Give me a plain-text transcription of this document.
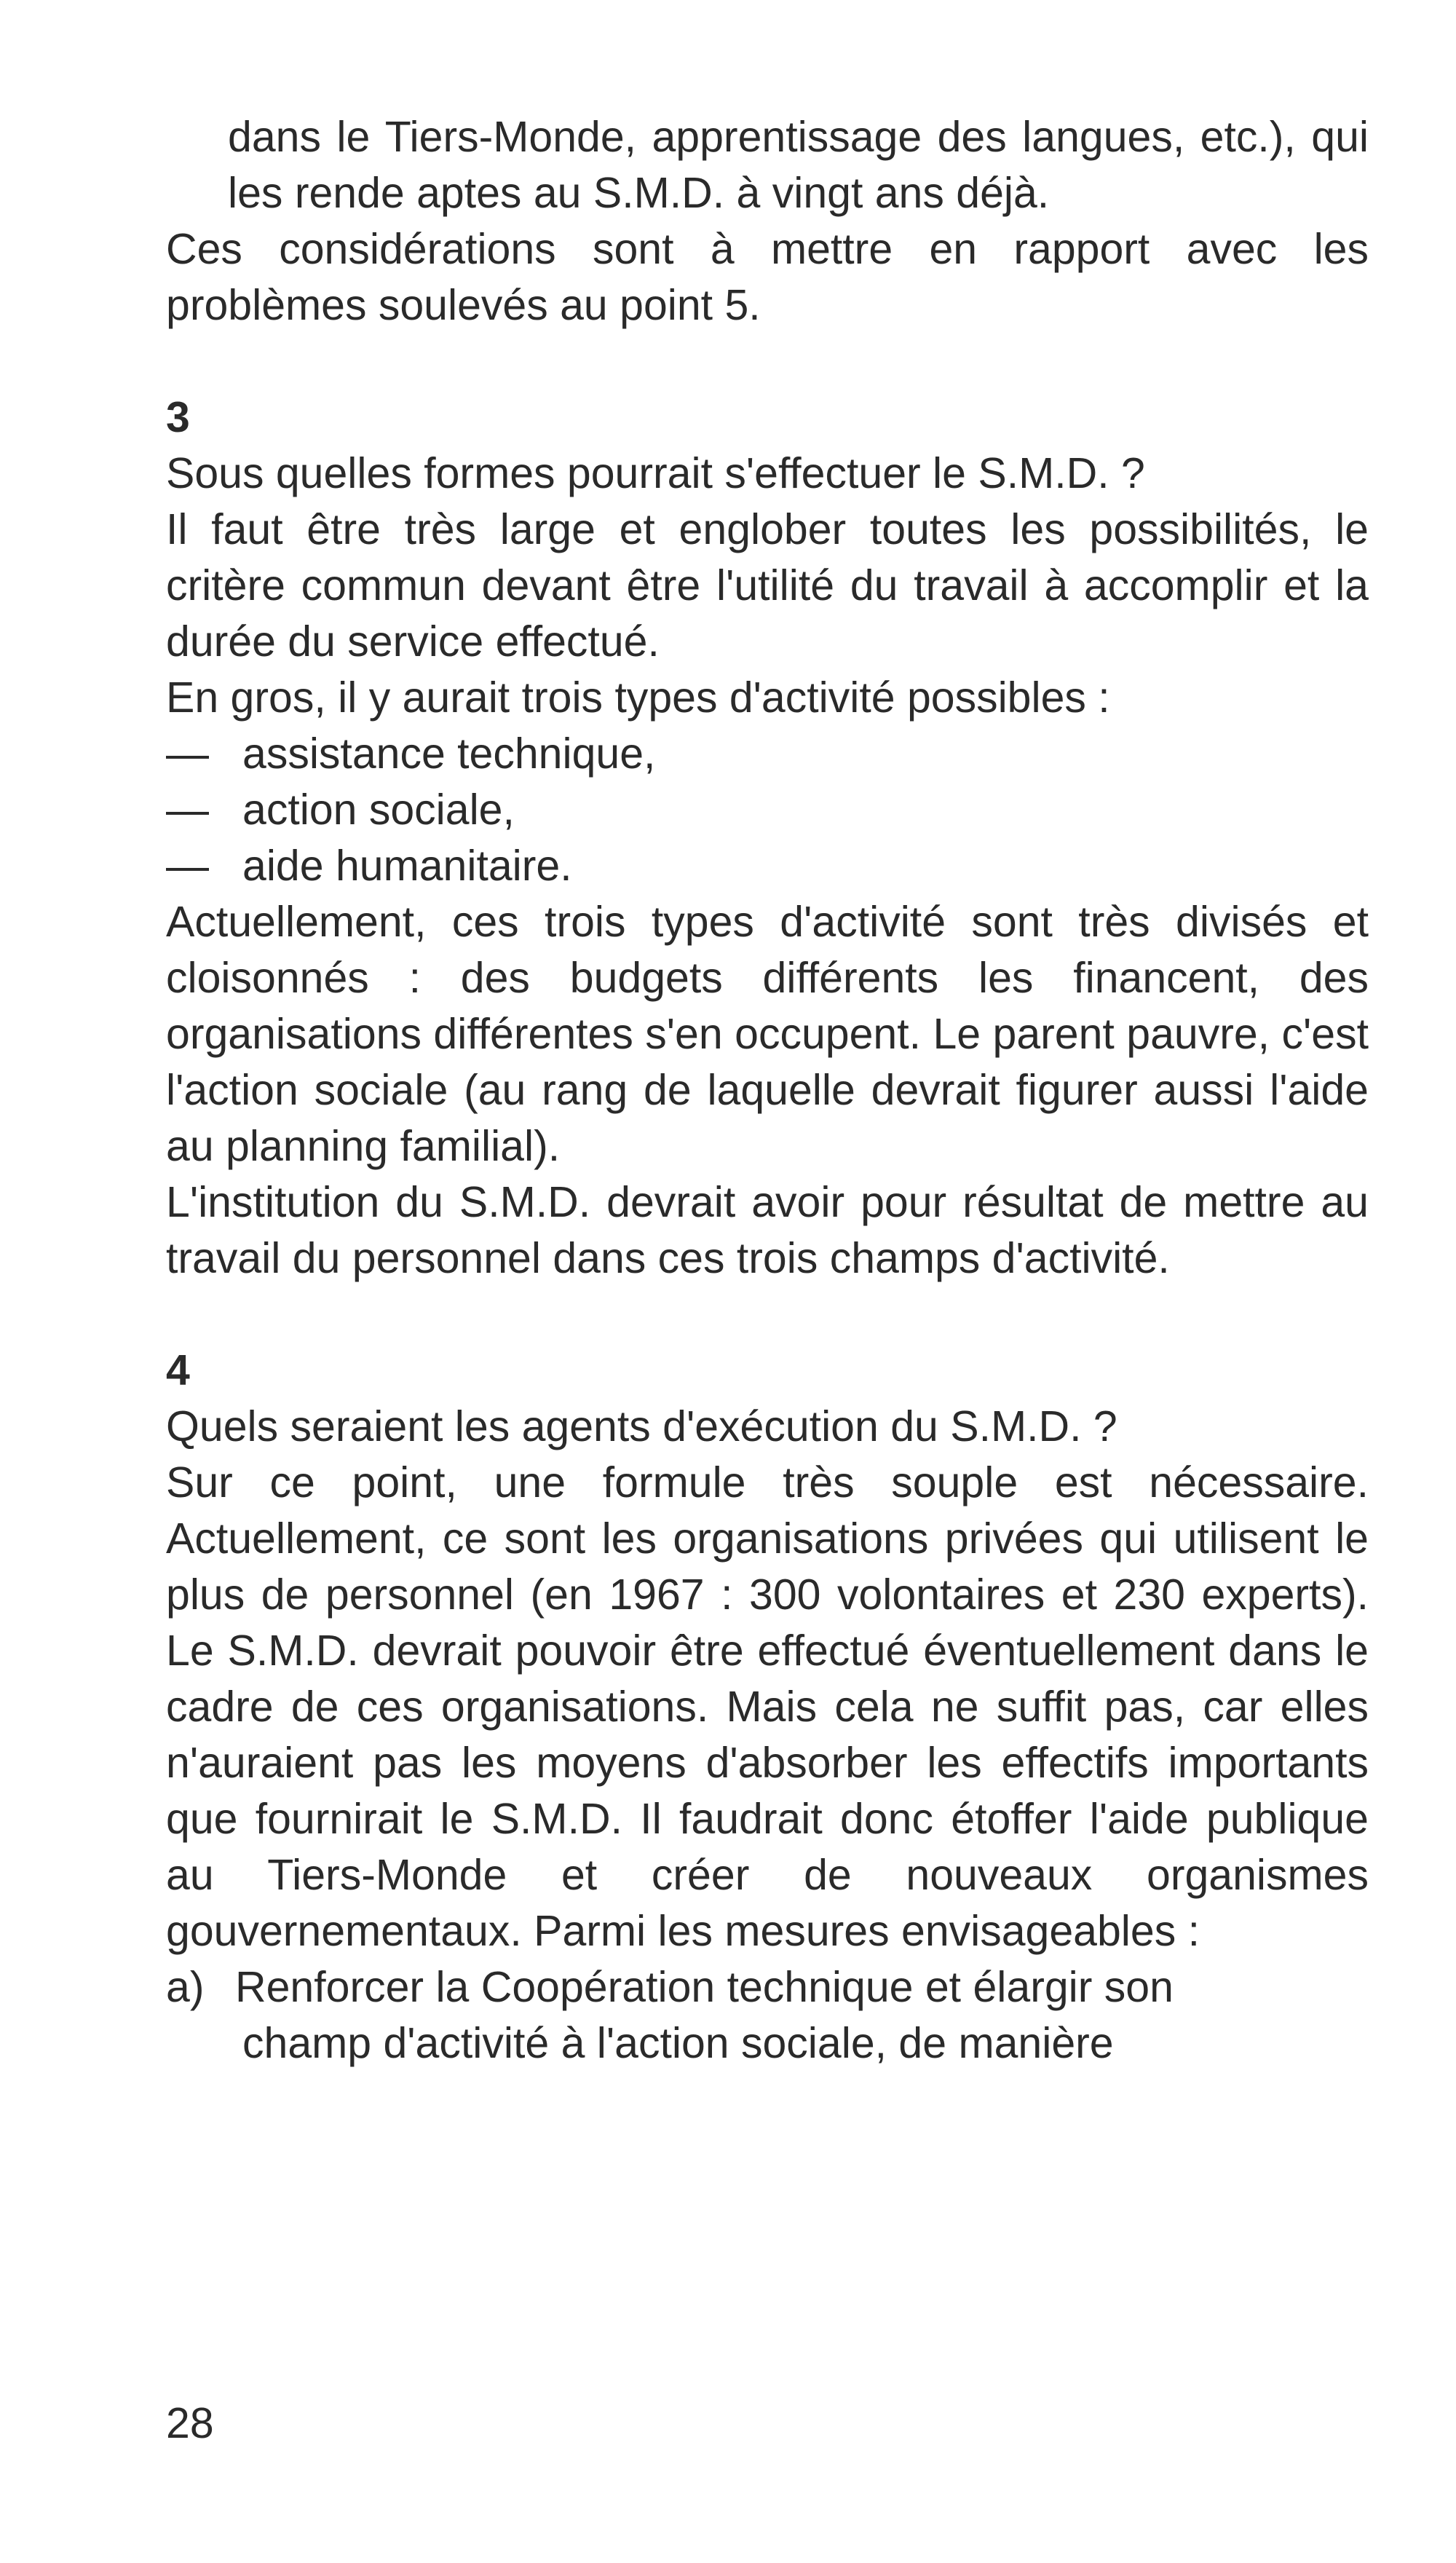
dans le Tiers-Monde, apprentissage des langues, etc.), qui les rende aptes au S.M.D. à vingt ans déjà.

Ces considérations sont à mettre en rapport avec les problèmes soulevés au point 5.

3

Sous quelles formes pourrait s'effectuer le S.M.D. ?

Il faut être très large et englober toutes les possibilités, le critère commun devant être l'utilité du travail à accomplir et la durée du service effectué.

En gros, il y aurait trois types d'activité possibles :

— assistance technique,
— action sociale,
— aide humanitaire.

Actuellement, ces trois types d'activité sont très divisés et cloisonnés : des budgets différents les financent, des organisations différentes s'en occupent. Le parent pauvre, c'est l'action sociale (au rang de laquelle devrait figurer aussi l'aide au planning familial).

L'institution du S.M.D. devrait avoir pour résultat de mettre au travail du personnel dans ces trois champs d'activité.

4

Quels seraient les agents d'exécution du S.M.D. ?

Sur ce point, une formule très souple est nécessaire. Actuellement, ce sont les organisations privées qui utilisent le plus de personnel (en 1967 : 300 volontaires et 230 experts). Le S.M.D. devrait pouvoir être effectué éventuellement dans le cadre de ces organisations. Mais cela ne suffit pas, car elles n'auraient pas les moyens d'absorber les effectifs importants que fournirait le S.M.D. Il faudrait donc étoffer l'aide publique au Tiers-Monde et créer de nouveaux organismes gouvernementaux. Parmi les mesures envisageables :

a) Renforcer la Coopération technique et élargir son
champ d'activité à l'action sociale, de manière
28
